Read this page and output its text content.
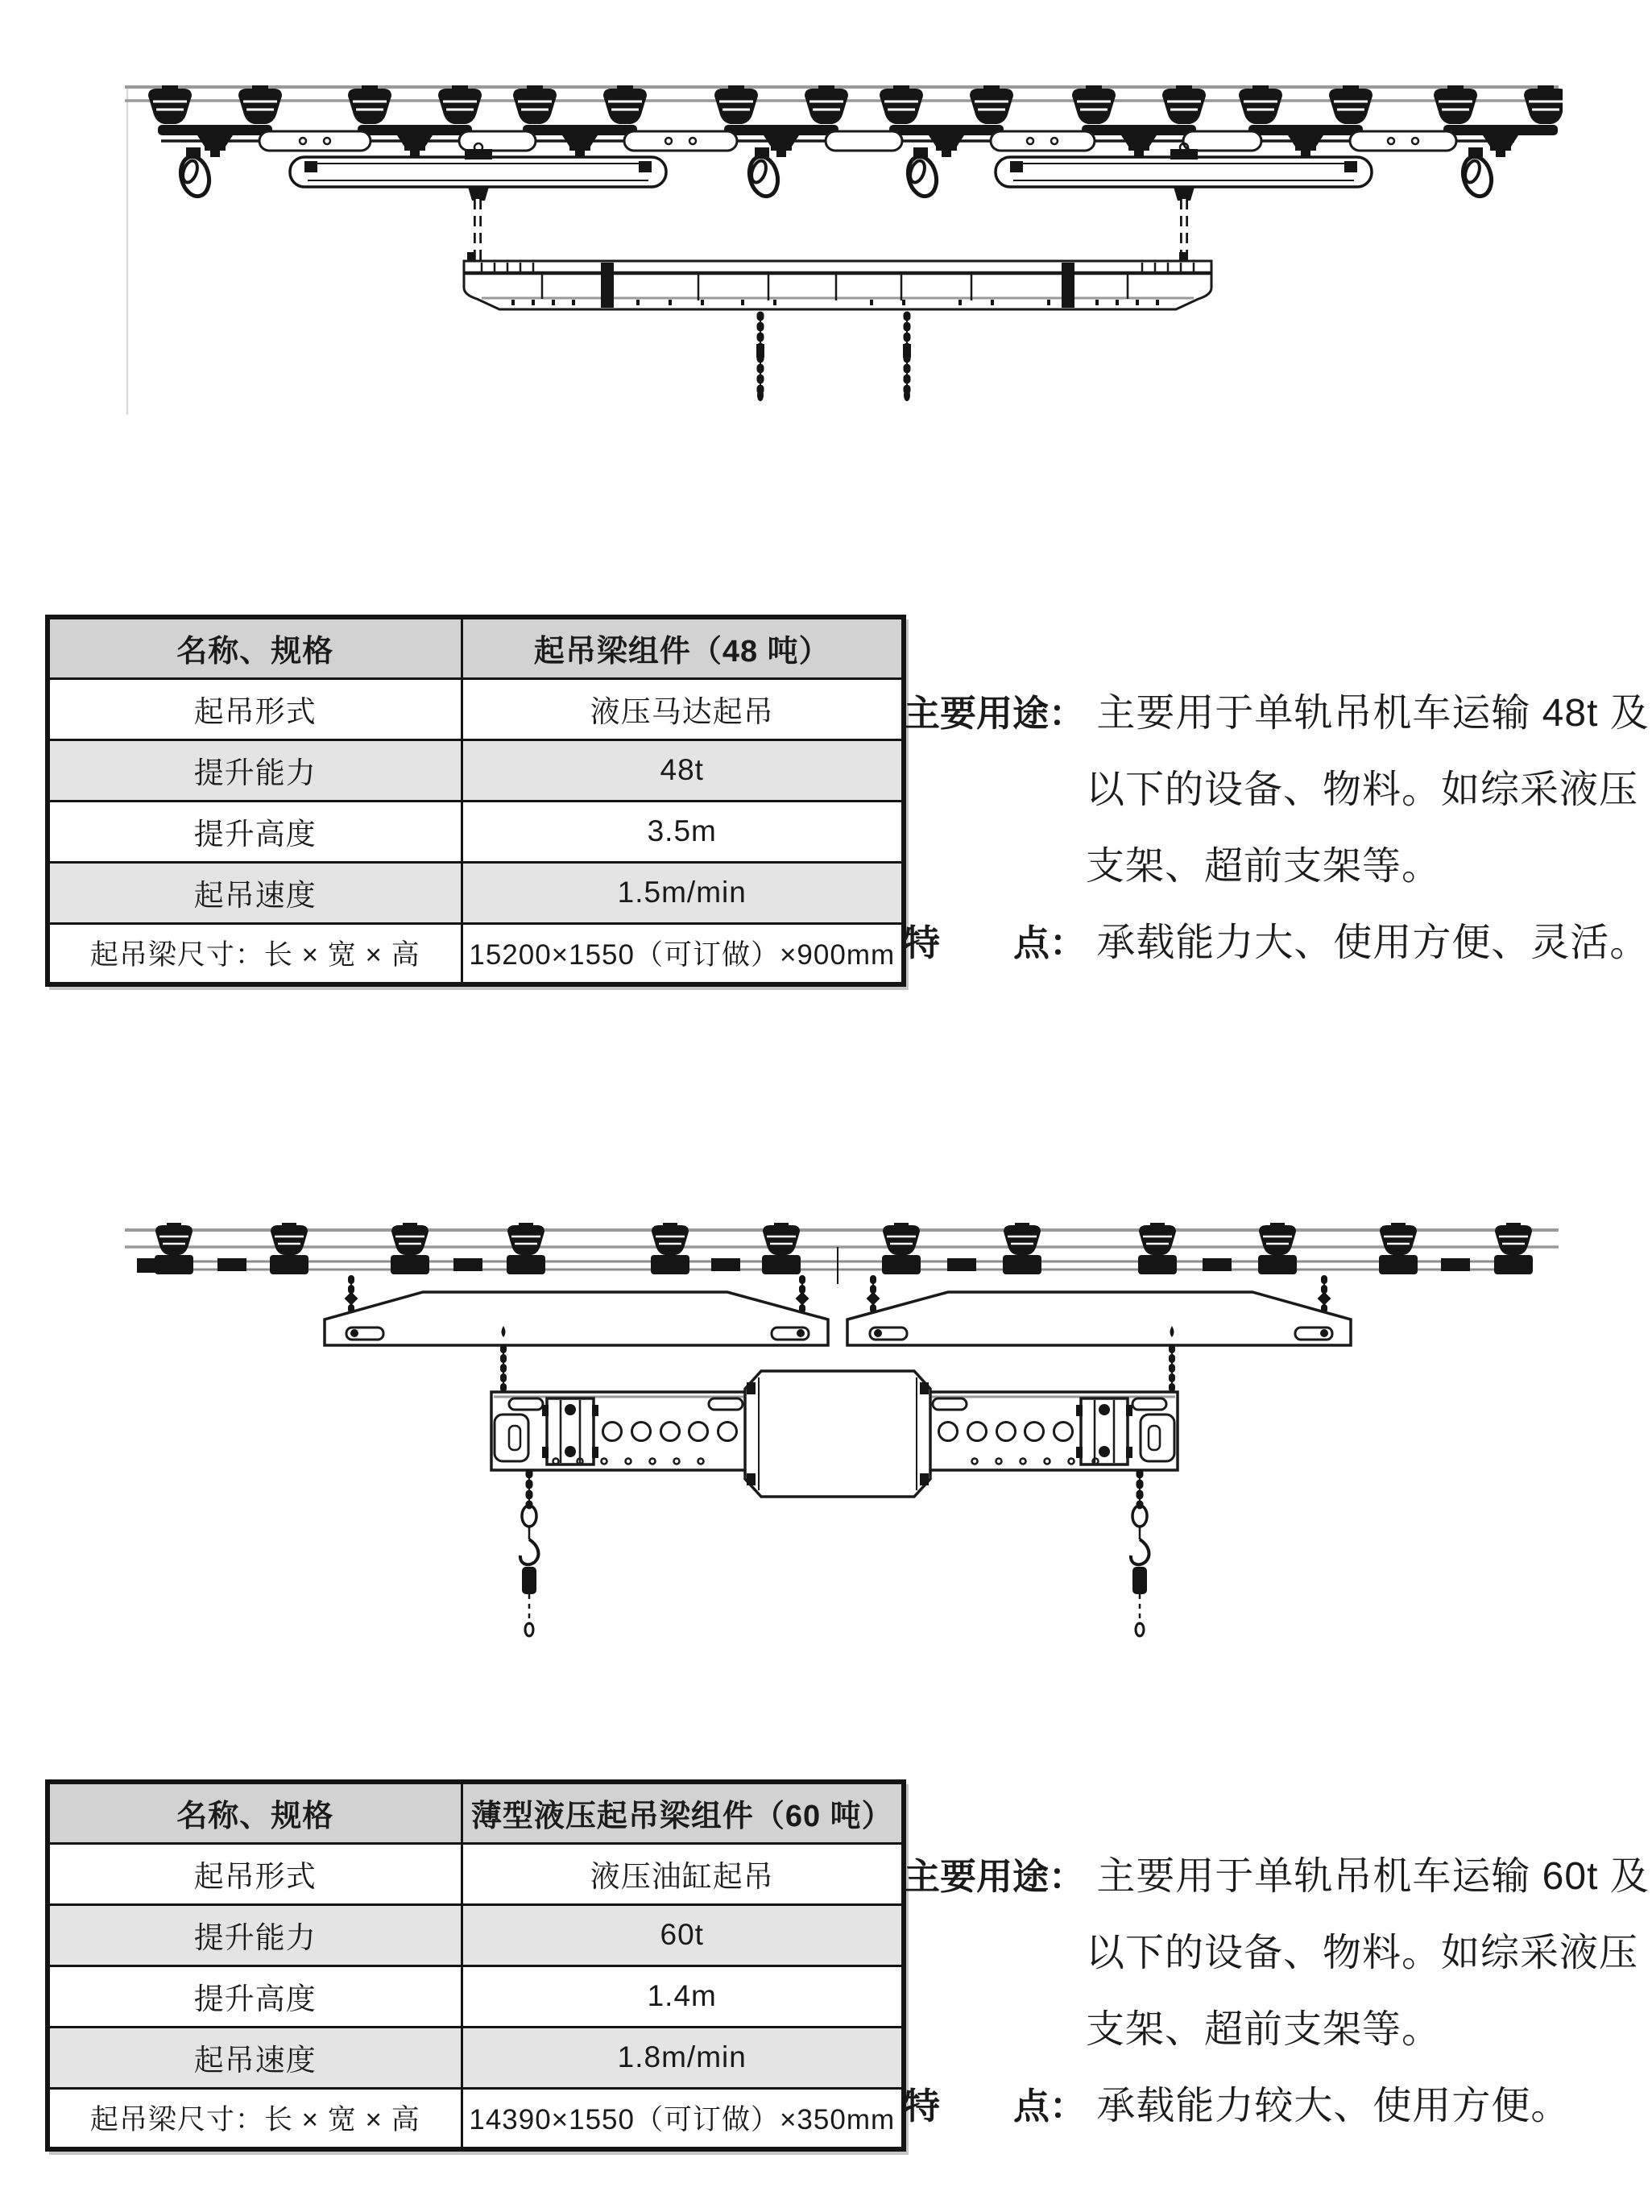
名称、规格	起吊梁组件（48 吨）
起吊形式	液压马达起吊
提升能力	48t
提升高度	3.5m
起吊速度	1.5m/min
起吊梁尺寸：长 × 宽 × 高	15200×1550（可订做）×900mm
主要用途： 主要用于单轨吊机车运输 48t 及
以下的设备、物料。如综采液压
支架、超前支架等。
特 点： 承载能力大、使用方便、灵活。
名称、规格	薄型液压起吊梁组件（60 吨）
起吊形式	液压油缸起吊
提升能力	60t
提升高度	1.4m
起吊速度	1.8m/min
起吊梁尺寸：长 × 宽 × 高	14390×1550（可订做）×350mm
主要用途： 主要用于单轨吊机车运输 60t 及
以下的设备、物料。如综采液压
支架、超前支架等。
特 点： 承载能力较大、使用方便。
